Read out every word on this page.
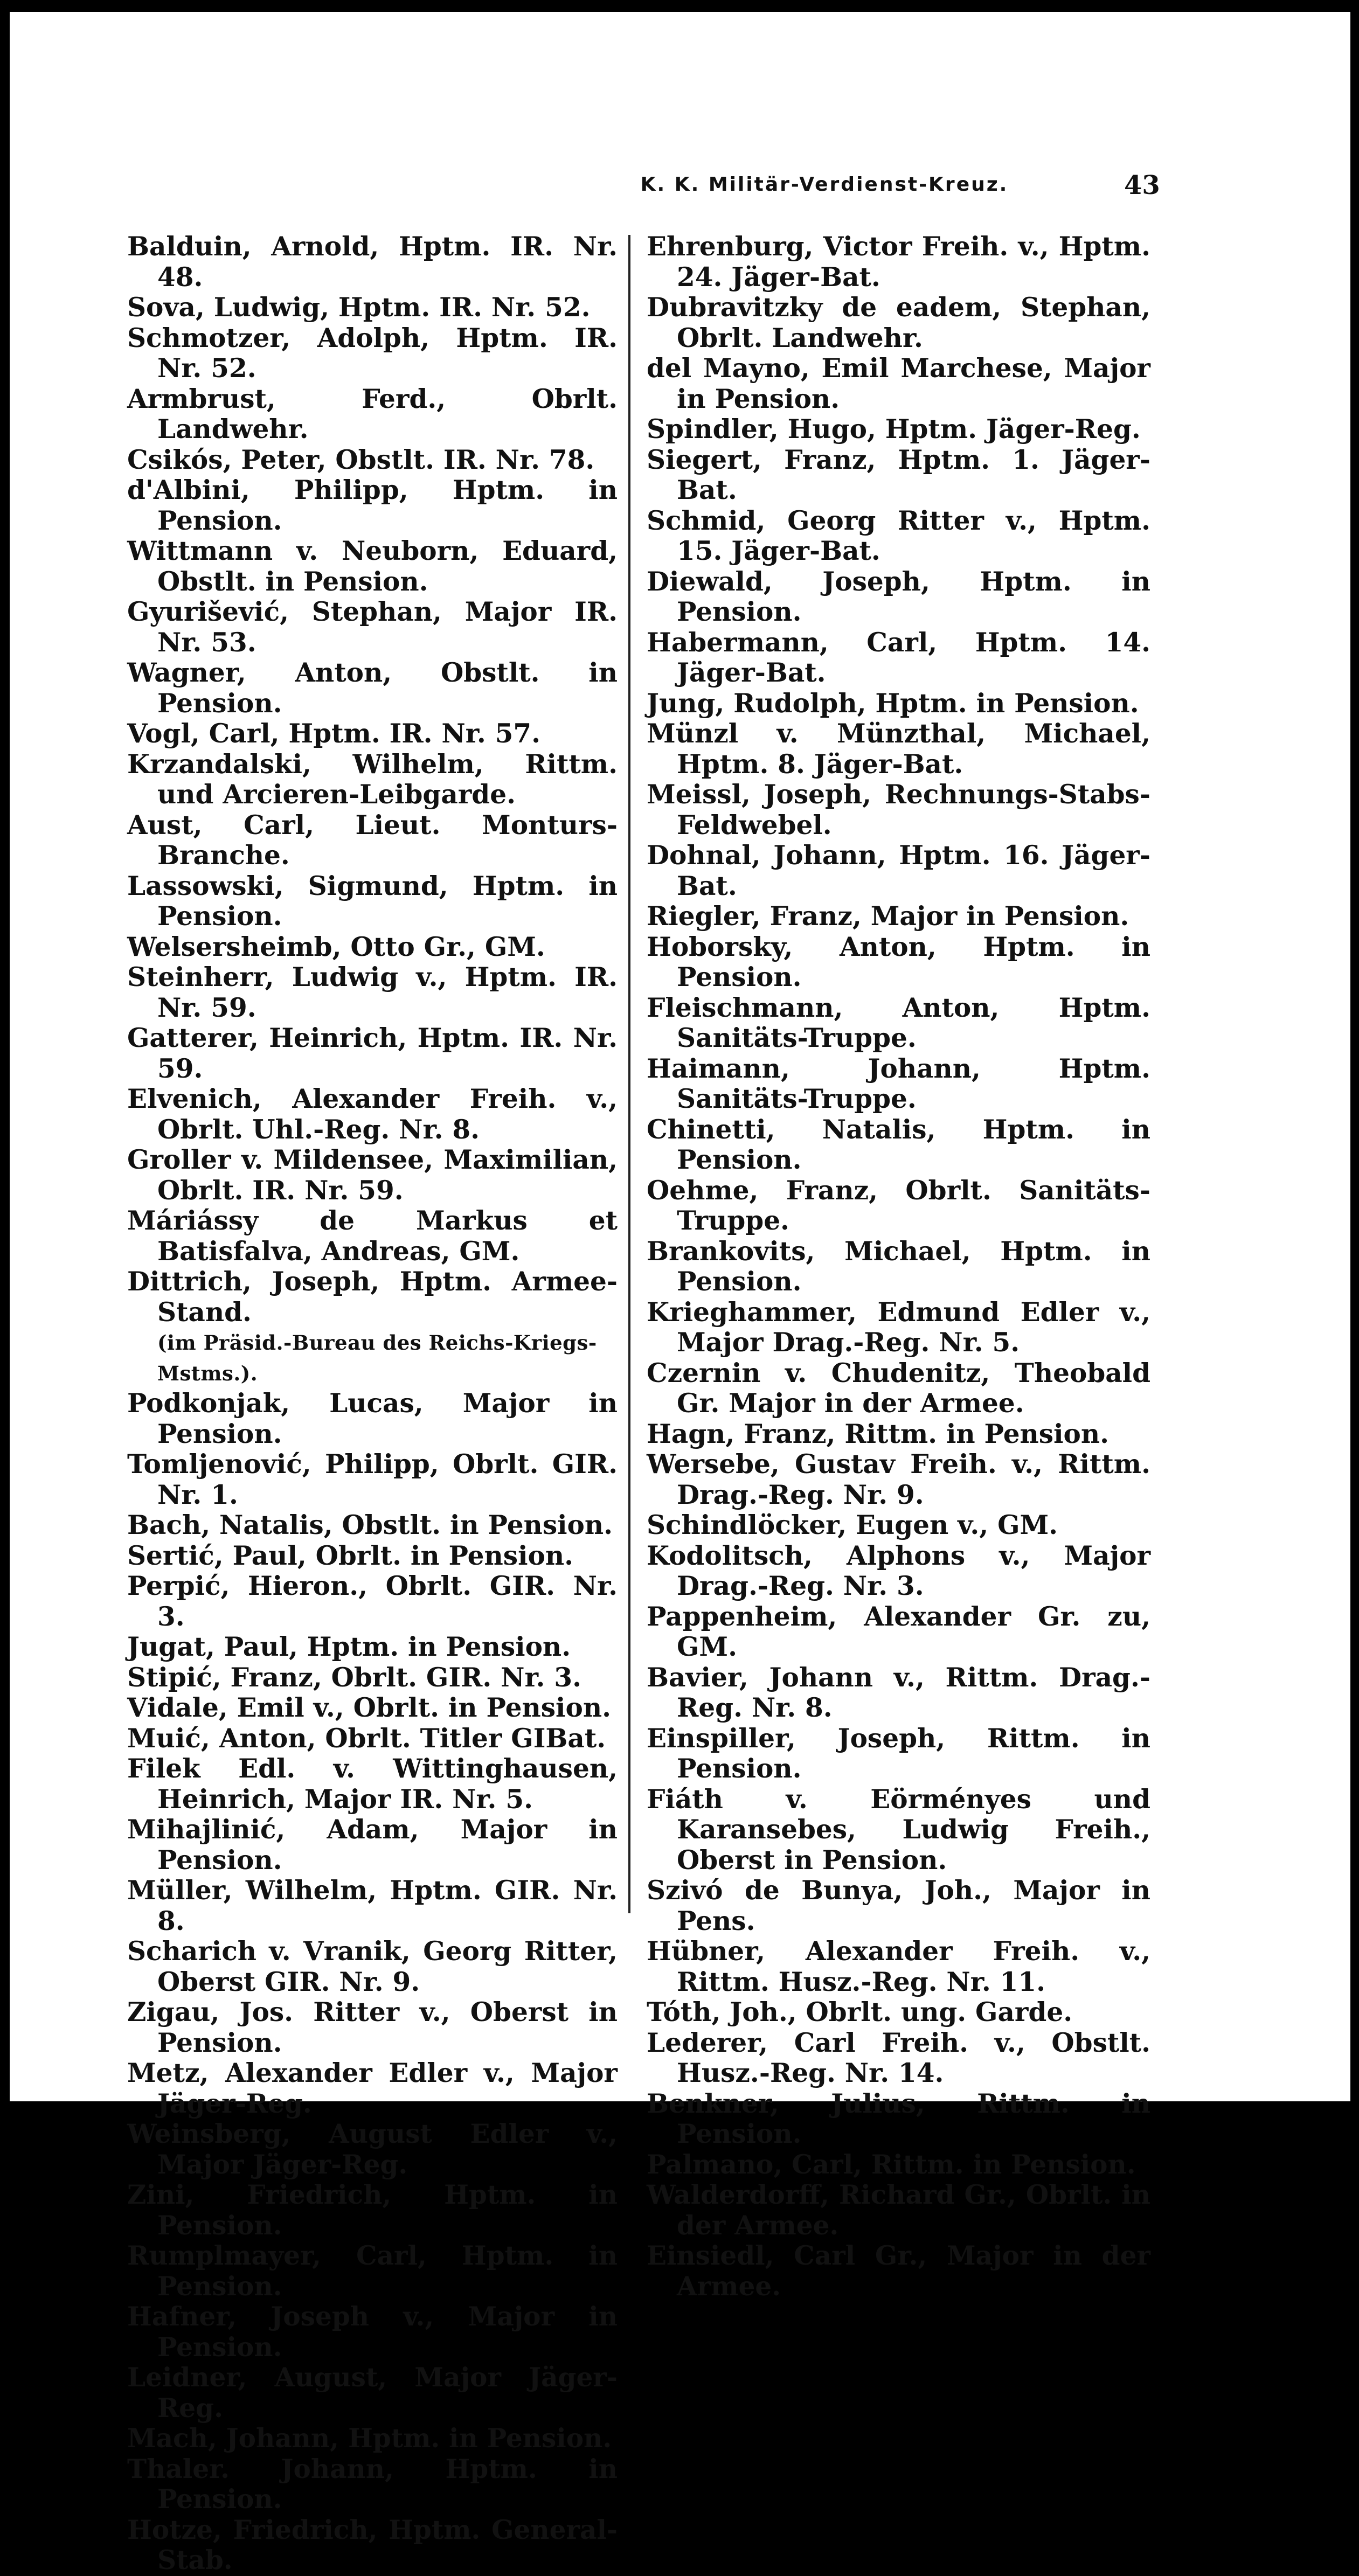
K. K. Militär-Verdienst-Kreuz.	43
Balduin, Arnold, Hptm. IR. Nr. 48.
Sova, Ludwig, Hptm. IR. Nr. 52.
Schmotzer, Adolph, Hptm. IR. Nr. 52.
Armbrust, Ferd., Obrlt. Landwehr.
Csikós, Peter, Obstlt. IR. Nr. 78.
d'Albini, Philipp, Hptm. in Pension.
Wittmann v. Neuborn, Eduard, Obstlt. in Pension.
Gyurišević, Stephan, Major IR. Nr. 53.
Wagner, Anton, Obstlt. in Pension.
Vogl, Carl, Hptm. IR. Nr. 57.
Krzandalski, Wilhelm, Rittm. und Arcieren-Leibgarde.
Aust, Carl, Lieut. Monturs-Branche.
Lassowski, Sigmund, Hptm. in Pension.
Welsersheimb, Otto Gr., GM.
Steinherr, Ludwig v., Hptm. IR. Nr. 59.
Gatterer, Heinrich, Hptm. IR. Nr. 59.
Elvenich, Alexander Freih. v., Obrlt. Uhl.-Reg. Nr. 8.
Groller v. Mildensee, Maximilian, Obrlt. IR. Nr. 59.
Máriássy de Markus et Batisfalva, Andreas, GM.
Dittrich, Joseph, Hptm. Armee-Stand.
(im Präsid.-Bureau des Reichs-Kriegs-Mstms.).
Podkonjak, Lucas, Major in Pension.
Tomljenović, Philipp, Obrlt. GIR. Nr. 1.
Bach, Natalis, Obstlt. in Pension.
Sertić, Paul, Obrlt. in Pension.
Perpić, Hieron., Obrlt. GIR. Nr. 3.
Jugat, Paul, Hptm. in Pension.
Stipić, Franz, Obrlt. GIR. Nr. 3.
Vidale, Emil v., Obrlt. in Pension.
Muić, Anton, Obrlt. Titler GIBat.
Filek Edl. v. Wittinghausen, Heinrich, Major IR. Nr. 5.
Mihajlinić, Adam, Major in Pension.
Müller, Wilhelm, Hptm. GIR. Nr. 8.
Scharich v. Vranik, Georg Ritter, Oberst GIR. Nr. 9.
Zigau, Jos. Ritter v., Oberst in Pension.
Metz, Alexander Edler v., Major Jäger-Reg.
Weinsberg, August Edler v., Major Jäger-Reg.
Zini, Friedrich, Hptm. in Pension.
Rumplmayer, Carl, Hptm. in Pension.
Hafner, Joseph v., Major in Pension.
Leidner, August, Major Jäger-Reg.
Mach, Johann, Hptm. in Pension.
Thaler. Johann, Hptm. in Pension.
Hotze, Friedrich, Hptm. General-Stab.
Ehrenburg, Victor Freih. v., Hptm. 24. Jäger-Bat.
Dubravitzky de eadem, Stephan, Obrlt. Landwehr.
del Mayno, Emil Marchese, Major in Pension.
Spindler, Hugo, Hptm. Jäger-Reg.
Siegert, Franz, Hptm. 1. Jäger-Bat.
Schmid, Georg Ritter v., Hptm. 15. Jäger-Bat.
Diewald, Joseph, Hptm. in Pension.
Habermann, Carl, Hptm. 14. Jäger-Bat.
Jung, Rudolph, Hptm. in Pension.
Münzl v. Münzthal, Michael, Hptm. 8. Jäger-Bat.
Meissl, Joseph, Rechnungs-Stabs-Feldwebel.
Dohnal, Johann, Hptm. 16. Jäger-Bat.
Riegler, Franz, Major in Pension.
Hoborsky, Anton, Hptm. in Pension.
Fleischmann, Anton, Hptm. Sanitäts-Truppe.
Haimann, Johann, Hptm. Sanitäts-Truppe.
Chinetti, Natalis, Hptm. in Pension.
Oehme, Franz, Obrlt. Sanitäts-Truppe.
Brankovits, Michael, Hptm. in Pension.
Krieghammer, Edmund Edler v., Major Drag.-Reg. Nr. 5.
Czernin v. Chudenitz, Theobald Gr. Major in der Armee.
Hagn, Franz, Rittm. in Pension.
Wersebe, Gustav Freih. v., Rittm. Drag.-Reg. Nr. 9.
Schindlöcker, Eugen v., GM.
Kodolitsch, Alphons v., Major Drag.-Reg. Nr. 3.
Pappenheim, Alexander Gr. zu, GM.
Bavier, Johann v., Rittm. Drag.-Reg. Nr. 8.
Einspiller, Joseph, Rittm. in Pension.
Fiáth v. Eörményes und Karansebes, Ludwig Freih., Oberst in Pension.
Szivó de Bunya, Joh., Major in Pens.
Hübner, Alexander Freih. v., Rittm. Husz.-Reg. Nr. 11.
Tóth, Joh., Obrlt. ung. Garde.
Lederer, Carl Freih. v., Obstlt. Husz.-Reg. Nr. 14.
Benkner, Julius, Rittm. in Pension.
Palmano, Carl, Rittm. in Pension.
Walderdorff, Richard Gr., Obrlt. in der Armee.
Einsiedl, Carl Gr., Major in der Armee.
